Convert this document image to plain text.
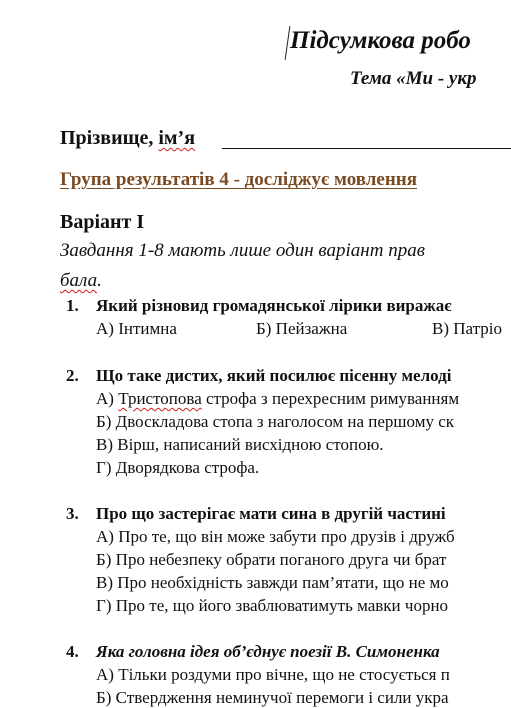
Підсумкова робо
Тема «Ми - укр
Прізвище, ім’я
Група результатів 4 - досліджує мовлення
Варіант I
Завдання 1-8 мають лише один варіант прав
бала.
1. Який різновид громадянської лірики виражає
А) Інтимна	Б) Пейзажна	В) Патріо
2. Що таке дистих, який посилює пісенну мелоді
А) Тристопова строфа з перехресним римуванням
Б) Двоскладова стопа з наголосом на першому ск
В) Вірш, написаний висхідною стопою.
Г) Дворядкова строфа.
3. Про що застерігає мати сина в другій частині
А) Про те, що він може забути про друзів і дружб
Б) Про небезпеку обрати поганого друга чи брат
В) Про необхідність завжди пам’ятати, що не мо
Г) Про те, що його зваблюватимуть мавки чорно
4. Яка головна ідея об’єднує поезії В. Симоненка
А) Тільки роздуми про вічне, що не стосується п
Б) Ствердження неминучої перемоги і сили укра
